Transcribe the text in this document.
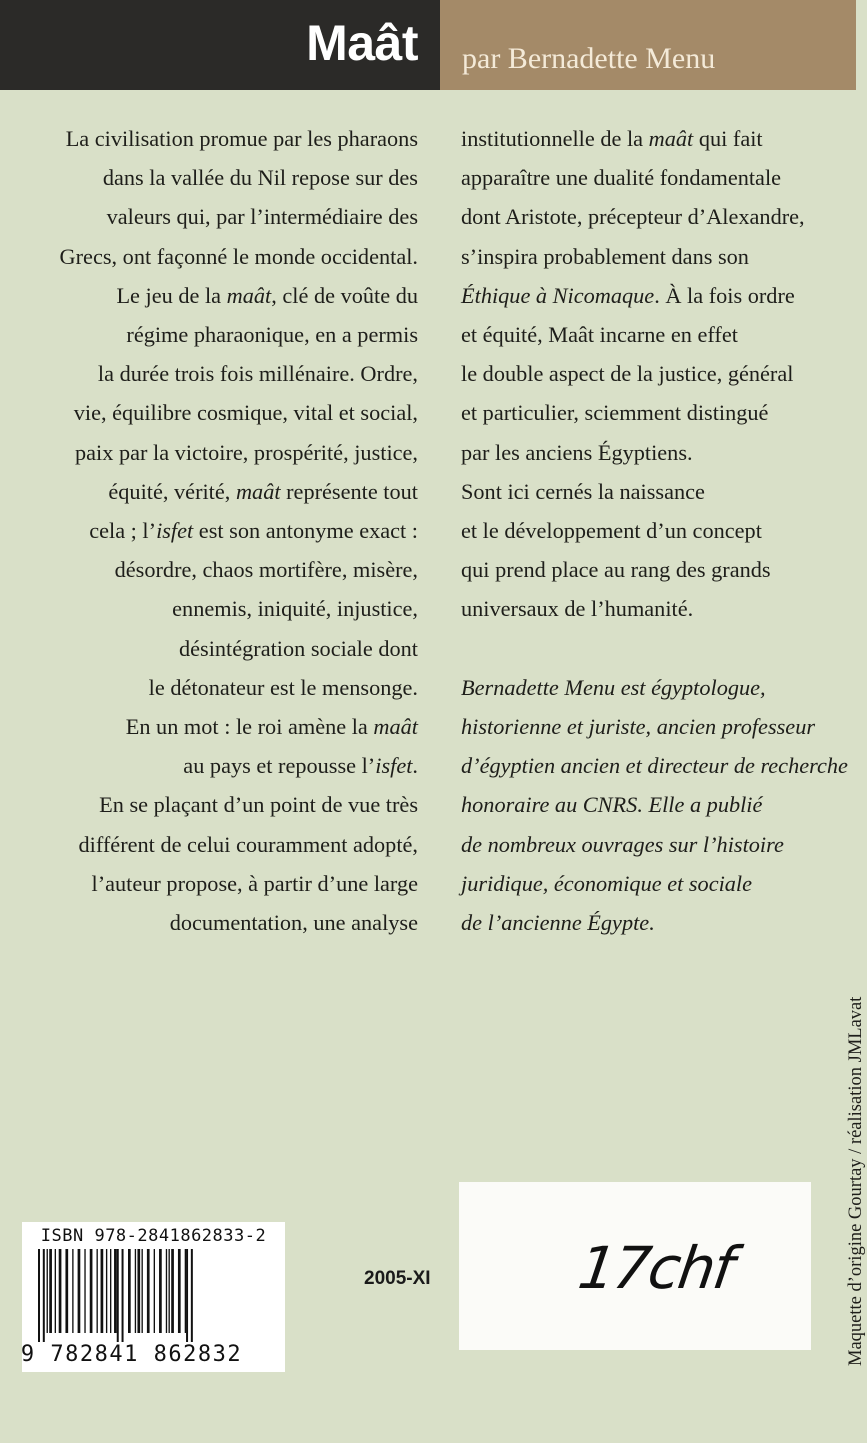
Maât par Bernadette Menu
La civilisation promue par les pharaons
dans la vallée du Nil repose sur des
valeurs qui, par l’intermédiaire des
Grecs, ont façonné le monde occidental.
Le jeu de la maât, clé de voûte du
régime pharaonique, en a permis
la durée trois fois millénaire. Ordre,
vie, équilibre cosmique, vital et social,
paix par la victoire, prospérité, justice,
équité, vérité, maât représente tout
cela ; l’isfet est son antonyme exact :
désordre, chaos mortifère, misère,
ennemis, iniquité, injustice,
désintégration sociale dont
le détonateur est le mensonge.
En un mot : le roi amène la maât
au pays et repousse l’isfet.
En se plaçant d’un point de vue très
différent de celui couramment adopté,
l’auteur propose, à partir d’une large
documentation, une analyse
institutionnelle de la maât qui fait
apparaître une dualité fondamentale
dont Aristote, précepteur d’Alexandre,
s’inspira probablement dans son
Éthique à Nicomaque. À la fois ordre
et équité, Maât incarne en effet
le double aspect de la justice, général
et particulier, sciemment distingué
par les anciens Égyptiens.
Sont ici cernés la naissance
et le développement d’un concept
qui prend place au rang des grands
universaux de l’humanité.
Bernadette Menu est égyptologue,
historienne et juriste, ancien professeur
d’égyptien ancien et directeur de recherche
honoraire au CNRS. Elle a publié
de nombreux ouvrages sur l’histoire
juridique, économique et sociale
de l’ancienne Égypte.
ISBN 978-2841862833-2
9 782841 862832
2005-XI 17chf	Maquette d’origine Gourtay / réalisation JMLavat
